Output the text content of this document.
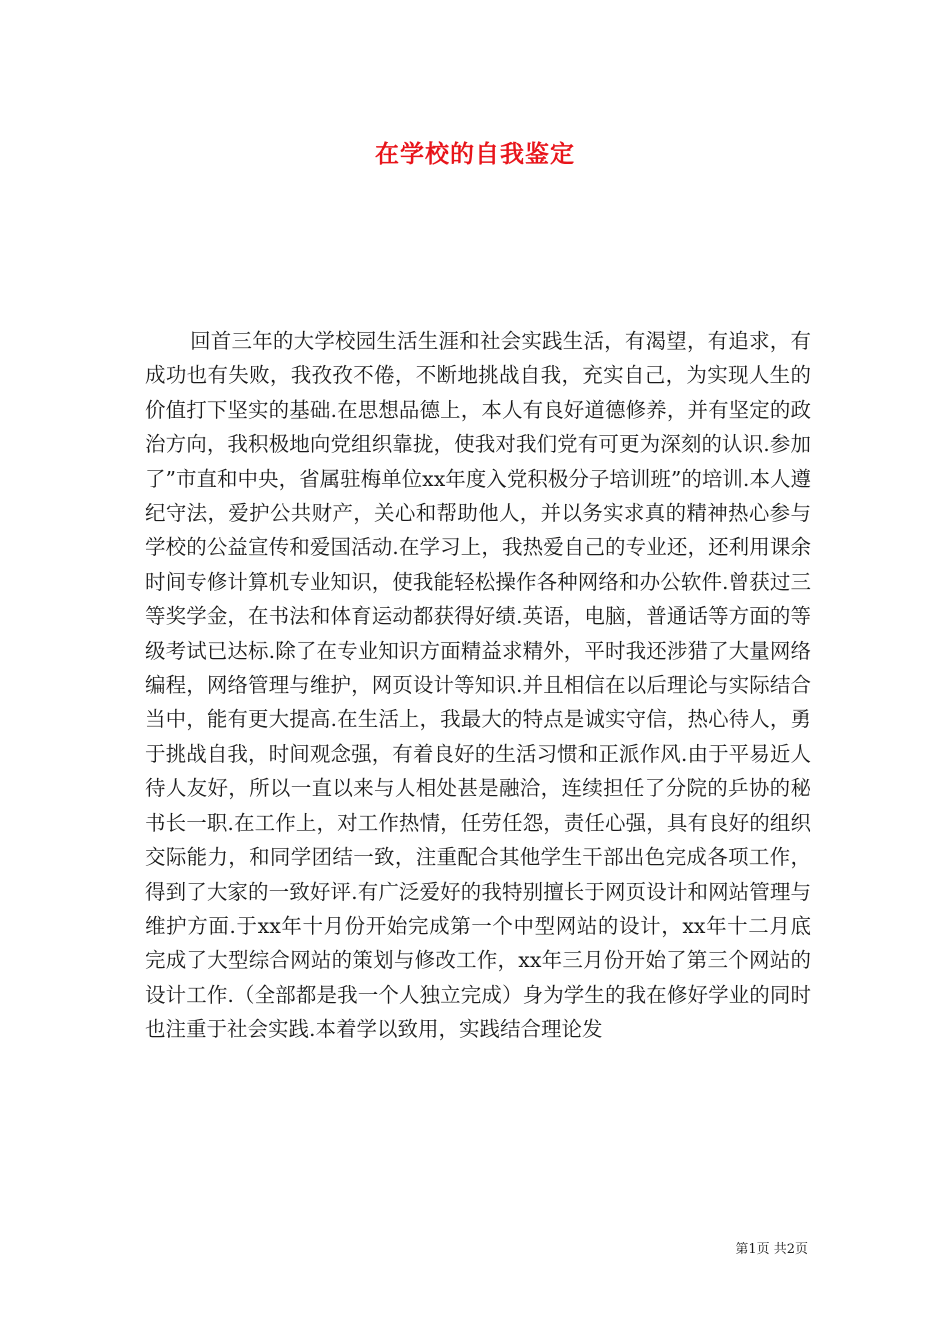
在学校的自我鉴定

回首三年的大学校园生活生涯和社会实践生活，有渴望，有追求，有成功也有失败，我孜孜不倦，不断地挑战自我，充实自己，为实现人生的价值打下坚实的基础.在思想品德上，本人有良好道德修养，并有坚定的政治方向，我积极地向党组织靠拢，使我对我们党有可更为深刻的认识.参加了”市直和中央，省属驻梅单位xx年度入党积极分子培训班”的培训.本人遵纪守法，爱护公共财产，关心和帮助他人，并以务实求真的精神热心参与学校的公益宣传和爱国活动.在学习上，我热爱自己的专业还，还利用课余时间专修计算机专业知识，使我能轻松操作各种网络和办公软件.曾获过三等奖学金，在书法和体育运动都获得好绩.英语，电脑，普通话等方面的等级考试已达标.除了在专业知识方面精益求精外，平时我还涉猎了大量网络编程，网络管理与维护，网页设计等知识.并且相信在以后理论与实际结合当中，能有更大提高.在生活上，我最大的特点是诚实守信，热心待人，勇于挑战自我，时间观念强，有着良好的生活习惯和正派作风.由于平易近人待人友好，所以一直以来与人相处甚是融洽，连续担任了分院的乒协的秘书长一职.在工作上，对工作热情，任劳任怨，责任心强，具有良好的组织交际能力，和同学团结一致，注重配合其他学生干部出色完成各项工作，得到了大家的一致好评.有广泛爱好的我特别擅长于网页设计和网站管理与维护方面.于xx年十月份开始完成第一个中型网站的设计，xx年十二月底完成了大型综合网站的策划与修改工作，xx年三月份开始了第三个网站的设计工作.（全部都是我一个人独立完成）身为学生的我在修好学业的同时也注重于社会实践.本着学以致用，实践结合理论发

第1页 共2页
